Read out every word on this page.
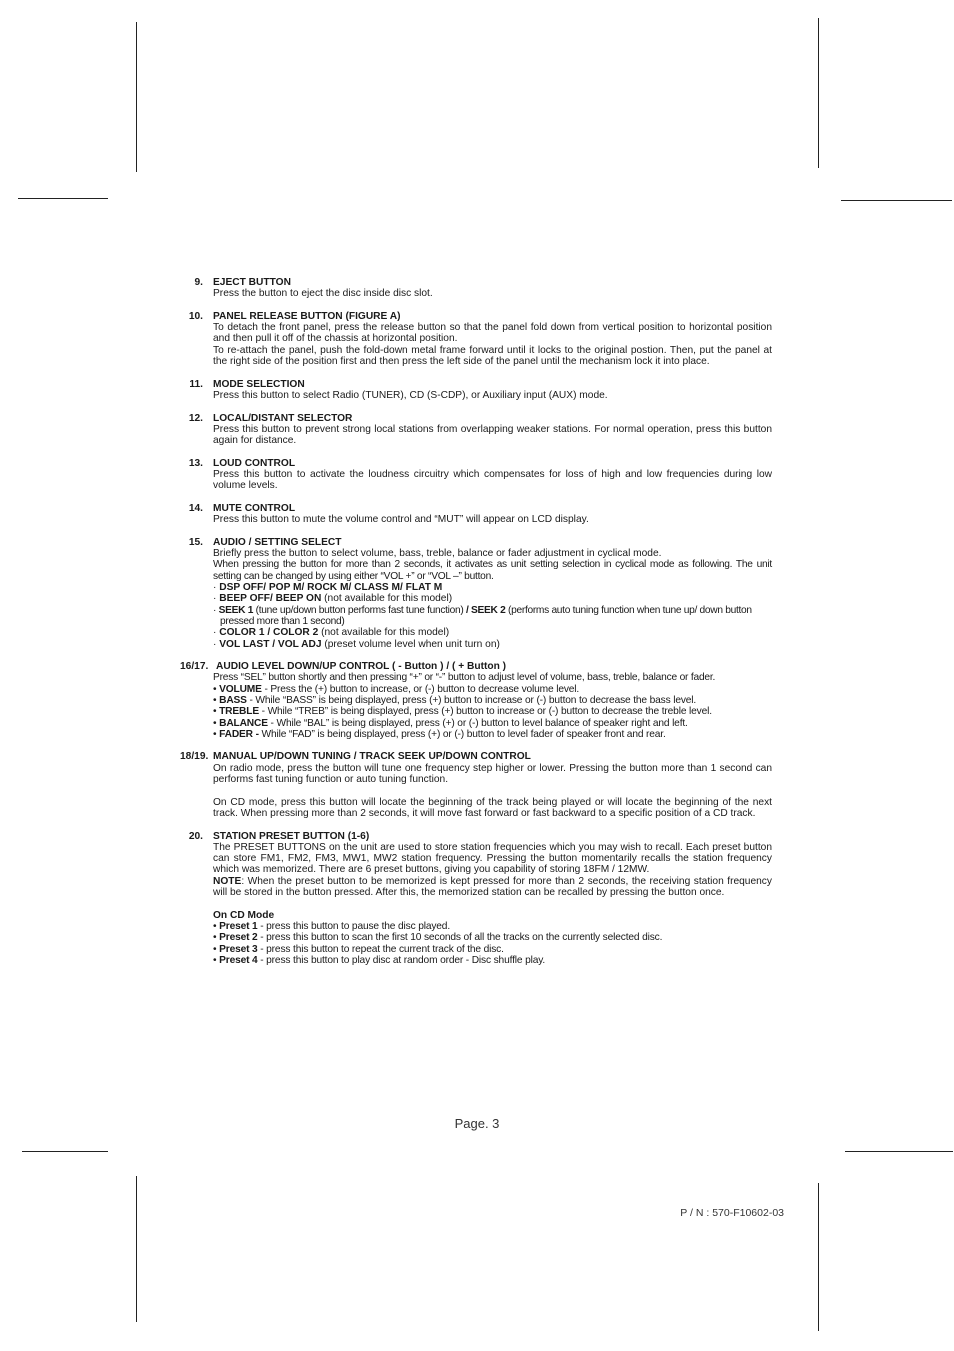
9. EJECT BUTTON
Press the button to eject the disc inside disc slot.
10. PANEL RELEASE BUTTON (FIGURE A)
To detach the front panel, press the release button so that the panel fold down from vertical position to horizontal position and then pull it off of the chassis at horizontal position.
To re-attach the panel, push the fold-down metal frame forward until it locks to the original postion. Then, put the panel at the right side of the position first and then press the left side of the panel until the mechanism lock it into place.
11. MODE SELECTION
Press this button to select Radio (TUNER), CD (S-CDP), or Auxiliary input (AUX) mode.
12. LOCAL/DISTANT SELECTOR
Press this button to prevent strong local stations from overlapping weaker stations. For normal operation, press this button again for distance.
13. LOUD CONTROL
Press this button to activate the loudness circuitry which compensates for loss of high and low frequencies during low volume levels.
14. MUTE CONTROL
Press this button to mute the volume control and “MUT” will appear on LCD display.
15. AUDIO / SETTING SELECT
Briefly press the button to select volume, bass, treble, balance or fader adjustment in cyclical mode.
When pressing the button for more than 2 seconds, it activates as unit setting selection in cyclical mode as following. The unit setting can be changed by using either “VOL +” or “VOL –” button.
· DSP OFF/ POP M/ ROCK M/ CLASS M/ FLAT M
· BEEP OFF/ BEEP ON (not available for this model)
· SEEK 1 (tune up/down button performs fast tune function) / SEEK 2 (performs auto tuning function when tune up/ down button pressed more than 1 second)
· COLOR 1 / COLOR 2 (not available for this model)
· VOL LAST / VOL ADJ (preset volume level when unit turn on)
16/17. AUDIO LEVEL DOWN/UP CONTROL ( - Button ) / ( + Button )
Press “SEL” button shortly and then pressing “+” or “-” button to adjust level of volume, bass, treble, balance or fader.
• VOLUME - Press the (+) button to increase, or (-) button to decrease volume level.
• BASS - While “BASS” is being displayed, press (+) button to increase or (-) button to decrease the bass level.
• TREBLE - While “TREB” is being displayed, press (+) button to increase or (-) button to decrease the treble level.
• BALANCE - While “BAL” is being displayed, press (+) or (-) button to level balance of speaker right and left.
• FADER - While “FAD” is being displayed, press (+) or (-) button to level fader of speaker front and rear.
18/19. MANUAL UP/DOWN TUNING / TRACK SEEK UP/DOWN CONTROL
On radio mode, press the button will tune one frequency step higher or lower. Pressing the button more than 1 second can performs fast tuning function or auto tuning function.
On CD mode, press this button will locate the beginning of the track being played or will locate the beginning of the next track. When pressing more than 2 seconds, it will move fast forward or fast backward to a specific position of a CD track.
20. STATION PRESET BUTTON (1-6)
The PRESET BUTTONS on the unit are used to store station frequencies which you may wish to recall. Each preset button can store FM1, FM2, FM3, MW1, MW2 station frequency. Pressing the button momentarily recalls the station frequency which was memorized. There are 6 preset buttons, giving you capability of storing 18FM / 12MW.
NOTE: When the preset button to be memorized is kept pressed for more than 2 seconds, the receiving station frequency will be stored in the button pressed. After this, the memorized station can be recalled by pressing the button once.
On CD Mode
• Preset 1 - press this button to pause the disc played.
• Preset 2 - press this button to scan the first 10 seconds of all the tracks on the currently selected disc.
• Preset 3 - press this button to repeat the current track of the disc.
• Preset 4 - press this button to play disc at random order - Disc shuffle play.
Page. 3
P / N : 570-F10602-03
